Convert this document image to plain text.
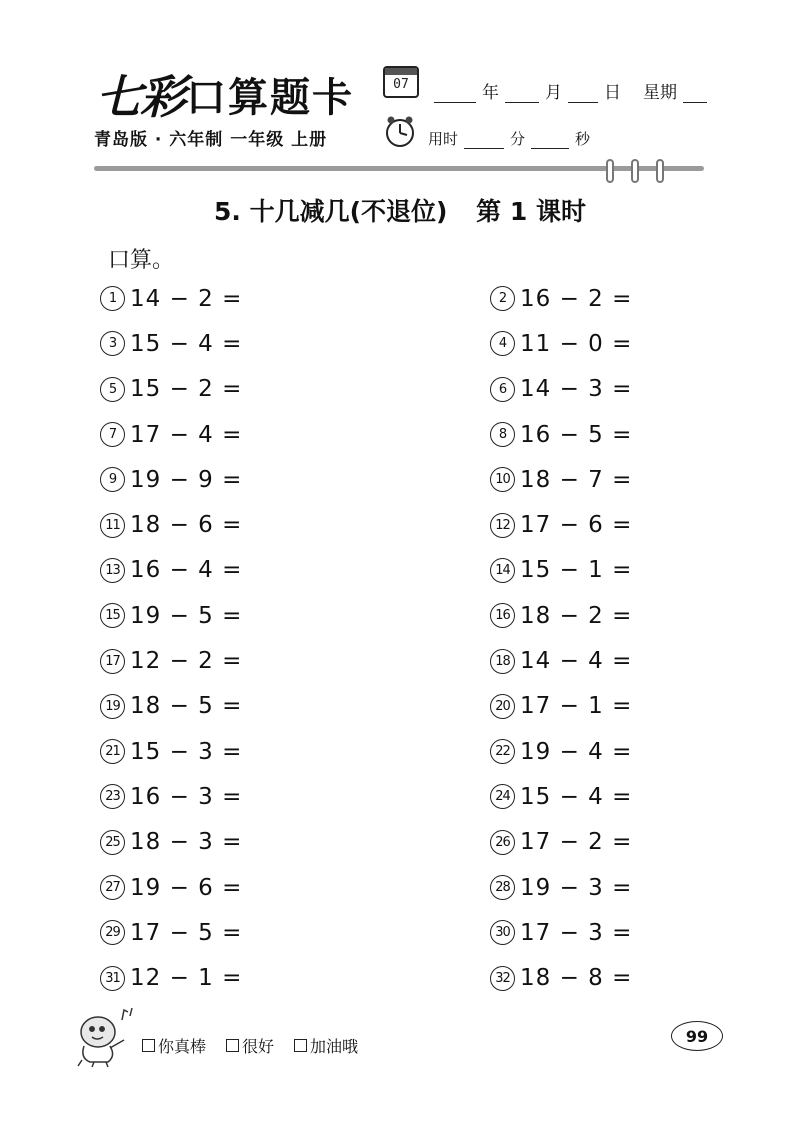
七彩 口算题卡	07	年	月 日 星期
青岛版 · 六年制 一年级 上册	用时	分	秒
5. 十几减几(不退位) 第 1 课时
口算。
1 14 − 2 =	2 16 − 2 =
3 15 − 4 =	4 11 − 0 =
5 15 − 2 =	6 14 − 3 =
7 17 − 4 =	8 16 − 5 =
9 19 − 9 =	10 18 − 7 =
11 18 − 6 =	12 17 − 6 =
13 16 − 4 =	14 15 − 1 =
15 19 − 5 =	16 18 − 2 =
17 12 − 2 =	18 14 − 4 =
19 18 − 5 =	20 17 − 1 =
21 15 − 3 =	22 19 − 4 =
23 16 − 3 =	24 15 − 4 =
25 18 − 3 =	26 17 − 2 =
27 19 − 6 =	28 19 − 3 =
29 17 − 5 =	30 17 − 3 =
31 12 − 1 =	32 18 − 8 =
你真棒 很好 加油哦
99
